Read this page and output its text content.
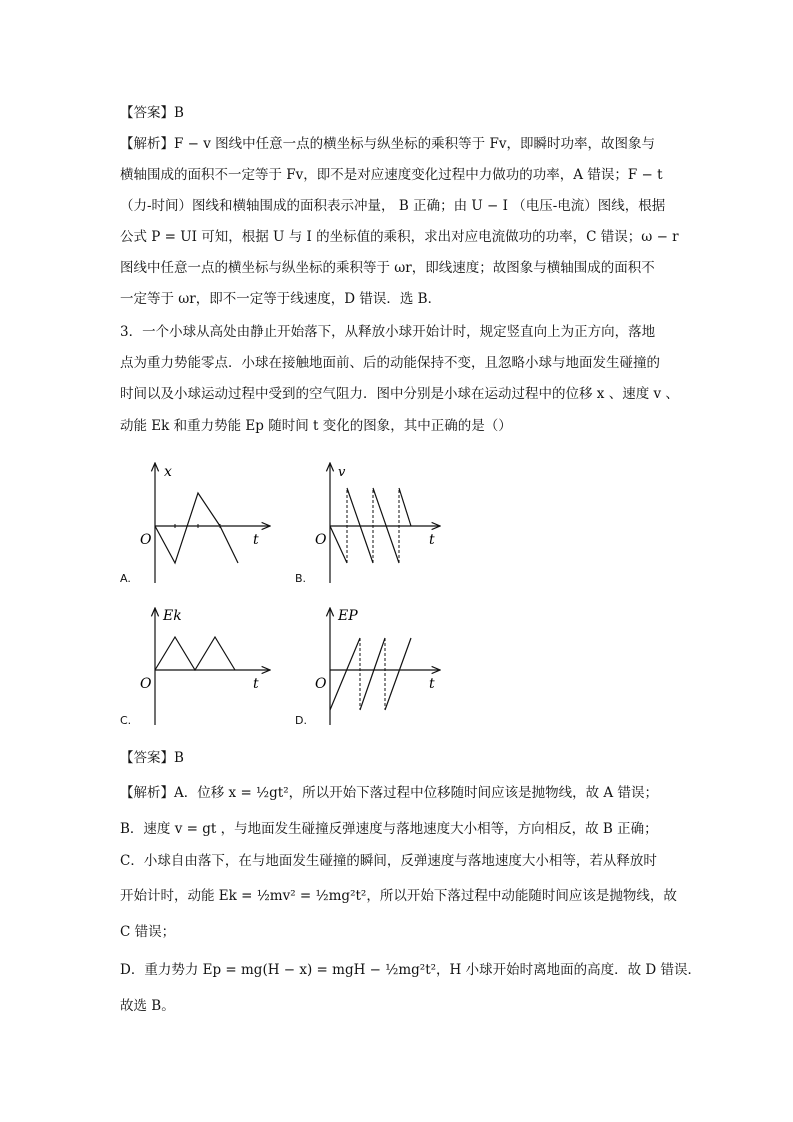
【答案】B
【解析】F − v 图线中任意一点的横坐标与纵坐标的乘积等于 Fv，即瞬时功率，故图象与
横轴围成的面积不一定等于 Fv，即不是对应速度变化过程中力做功的功率，A 错误；F − t
（力-时间）图线和横轴围成的面积表示冲量， B 正确；由 U − I （电压-电流）图线，根据
公式 P = UI 可知，根据 U 与 I 的坐标值的乘积，求出对应电流做功的功率，C 错误；ω − r
图线中任意一点的横坐标与纵坐标的乘积等于 ωr，即线速度；故图象与横轴围成的面积不
一定等于 ωr，即不一定等于线速度，D 错误．选 B．
3．一个小球从高处由静止开始落下，从释放小球开始计时，规定竖直向上为正方向，落地
点为重力势能零点．小球在接触地面前、后的动能保持不变，且忽略小球与地面发生碰撞的
时间以及小球运动过程中受到的空气阻力．图中分别是小球在运动过程中的位移 x 、速度 v 、
动能 Ek 和重力势能 Ep 随时间 t 变化的图象，其中正确的是（）
x
t
O
A.
v
t
O
B.
Ek
t
O
C.
EP
t
O
D.
【答案】B
【解析】A．位移 x = ½gt²，所以开始下落过程中位移随时间应该是抛物线，故 A 错误；
B．速度 v = gt ，与地面发生碰撞反弹速度与落地速度大小相等，方向相反，故 B 正确；
C．小球自由落下，在与地面发生碰撞的瞬间，反弹速度与落地速度大小相等，若从释放时
开始计时，动能 Ek = ½mv² = ½mg²t²，所以开始下落过程中动能随时间应该是抛物线，故
C 错误；
D．重力势力 Ep = mg(H − x) = mgH − ½mg²t²，H 小球开始时离地面的高度．故 D 错误．
故选 B。
